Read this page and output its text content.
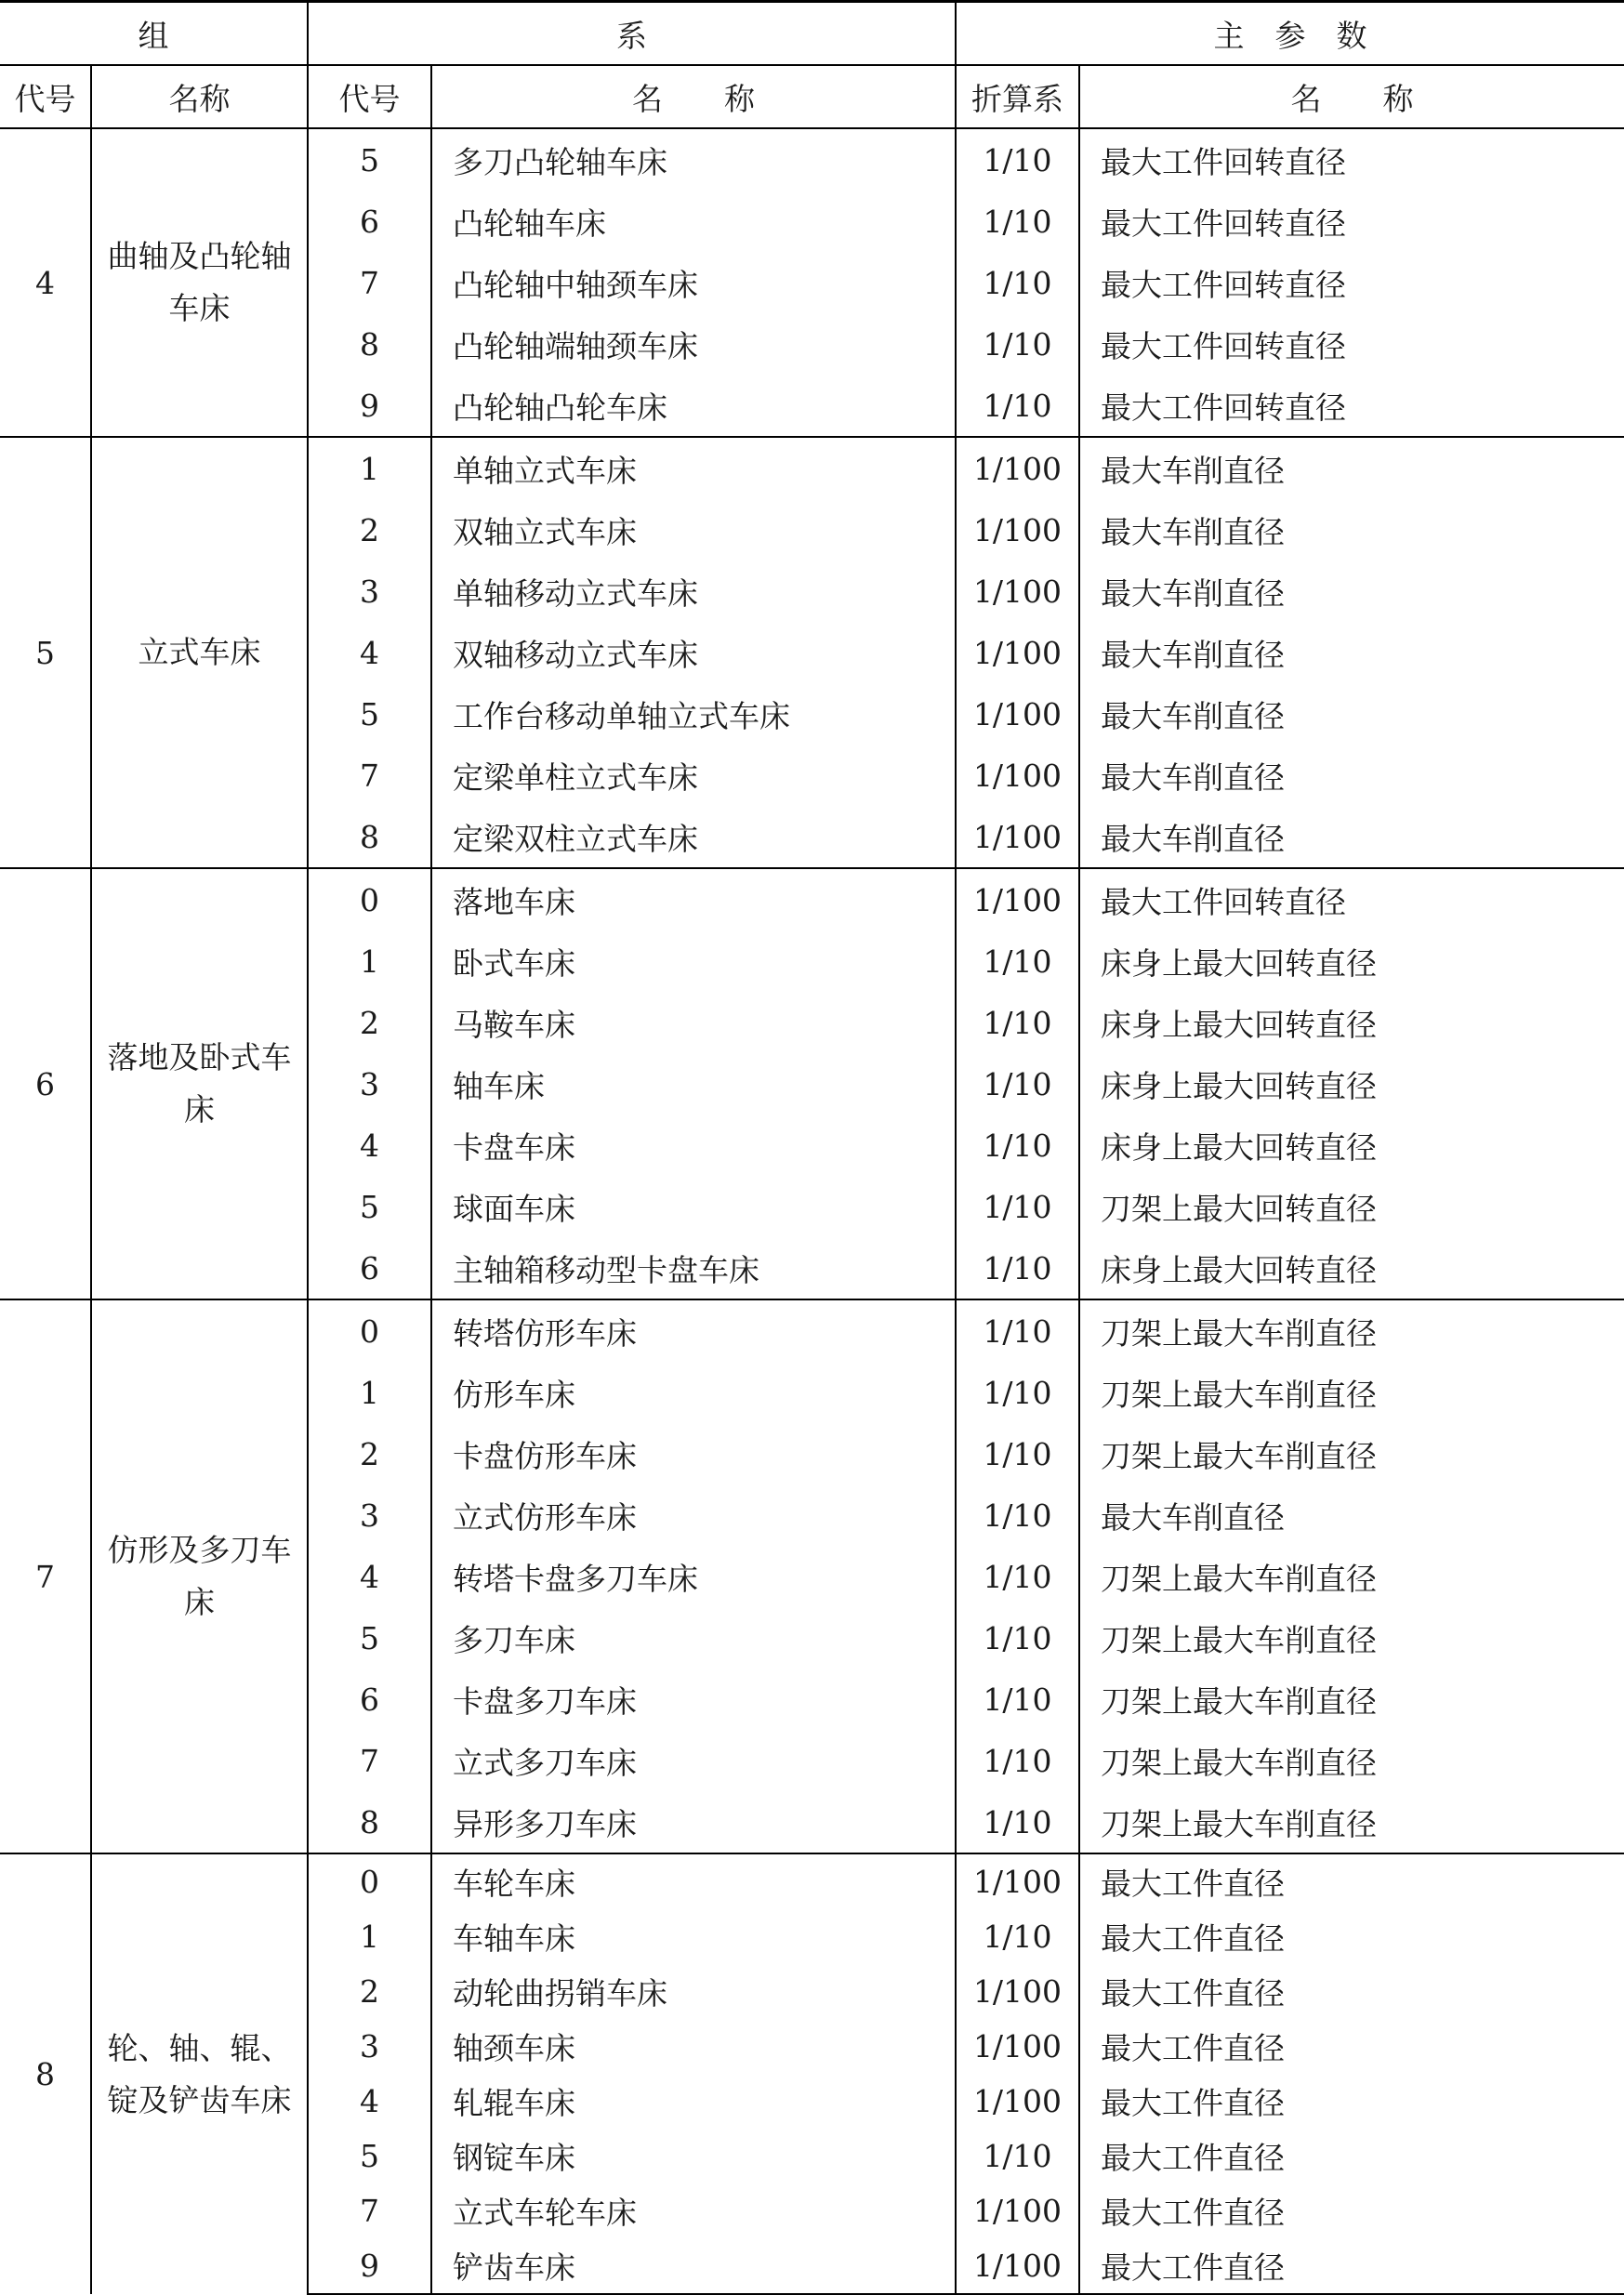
组		系		主　参　数	
代号	名称	代号	名　　称	折算系	名　　称
4	曲轴及凸轮轴车床	5	多刀凸轮轴车床	1/10	最大工件回转直径
		6	凸轮轴车床	1/10	最大工件回转直径
		7	凸轮轴中轴颈车床	1/10	最大工件回转直径
		8	凸轮轴端轴颈车床	1/10	最大工件回转直径
		9	凸轮轴凸轮车床	1/10	最大工件回转直径
5	立式车床	1	单轴立式车床	1/100	最大车削直径
		2	双轴立式车床	1/100	最大车削直径
		3	单轴移动立式车床	1/100	最大车削直径
		4	双轴移动立式车床	1/100	最大车削直径
		5	工作台移动单轴立式车床	1/100	最大车削直径
		7	定梁单柱立式车床	1/100	最大车削直径
		8	定梁双柱立式车床	1/100	最大车削直径
6	落地及卧式车床	0	落地车床	1/100	最大工件回转直径
		1	卧式车床	1/10	床身上最大回转直径
		2	马鞍车床	1/10	床身上最大回转直径
		3	轴车床	1/10	床身上最大回转直径
		4	卡盘车床	1/10	床身上最大回转直径
		5	球面车床	1/10	刀架上最大回转直径
		6	主轴箱移动型卡盘车床	1/10	床身上最大回转直径
7	仿形及多刀车床	0	转塔仿形车床	1/10	刀架上最大车削直径
		1	仿形车床	1/10	刀架上最大车削直径
		2	卡盘仿形车床	1/10	刀架上最大车削直径
		3	立式仿形车床	1/10	最大车削直径
		4	转塔卡盘多刀车床	1/10	刀架上最大车削直径
		5	多刀车床	1/10	刀架上最大车削直径
		6	卡盘多刀车床	1/10	刀架上最大车削直径
		7	立式多刀车床	1/10	刀架上最大车削直径
		8	异形多刀车床	1/10	刀架上最大车削直径
8	轮、轴、辊、锭及铲齿车床	0	车轮车床	1/100	最大工件直径
		1	车轴车床	1/10	最大工件直径
		2	动轮曲拐销车床	1/100	最大工件直径
		3	轴颈车床	1/100	最大工件直径
		4	轧辊车床	1/100	最大工件直径
		5	钢锭车床	1/10	最大工件直径
		7	立式车轮车床	1/100	最大工件直径
		9	铲齿车床	1/100	最大工件直径
